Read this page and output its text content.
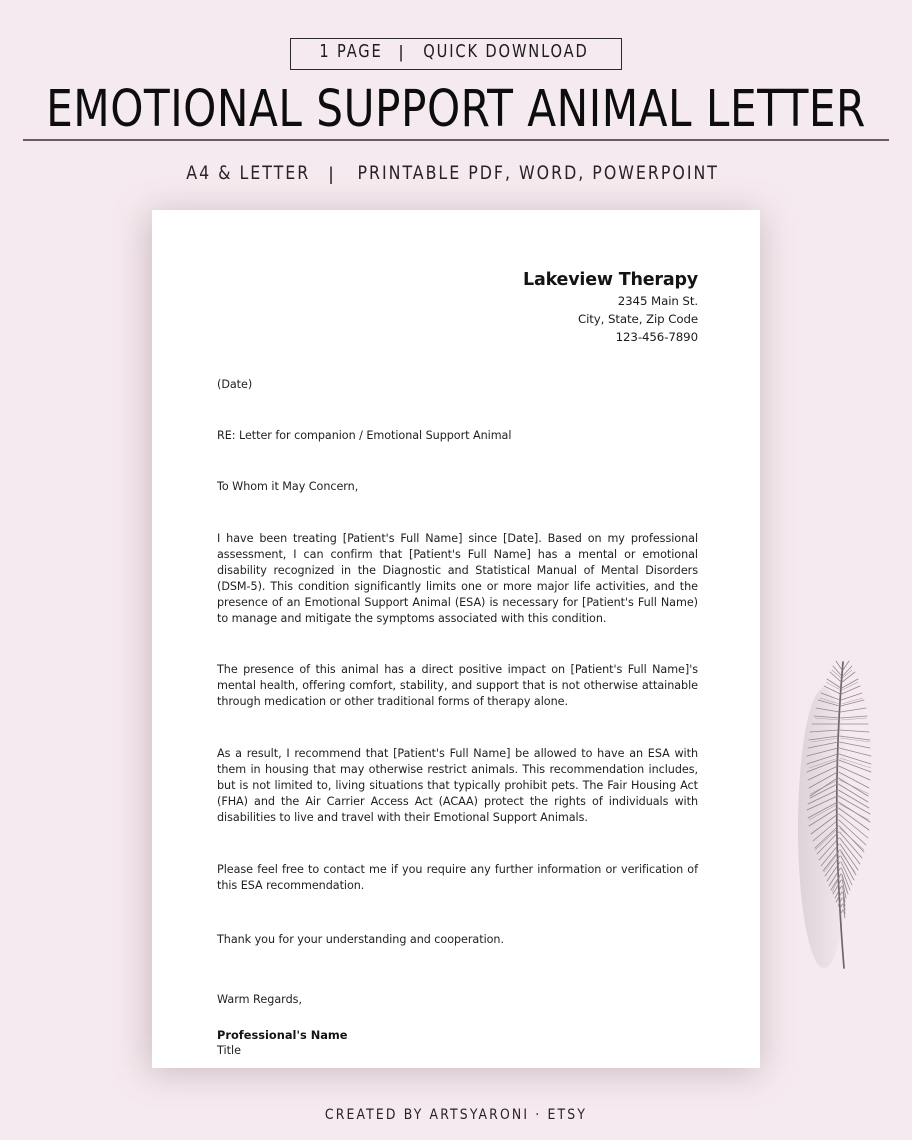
1 PAGE | QUICK DOWNLOAD
EMOTIONAL SUPPORT ANIMAL LETTER
A4 & LETTER | PRINTABLE PDF, WORD, POWERPOINT
Lakeview Therapy
2345 Main St.
City, State, Zip Code
123-456-7890
(Date)
RE: Letter for companion / Emotional Support Animal
To Whom it May Concern,
I have been treating [Patient's Full Name] since [Date]. Based on my professional assessment, I can confirm that [Patient's Full Name] has a mental or emotional disability recognized in the Diagnostic and Statistical Manual of Mental Disorders (DSM-5). This condition significantly limits one or more major life activities, and the presence of an Emotional Support Animal (ESA) is necessary for [Patient's Full Name) to manage and mitigate the symptoms associated with this condition.
The presence of this animal has a direct positive impact on [Patient's Full Name]'s mental health, offering comfort, stability, and support that is not otherwise attainable through medication or other traditional forms of therapy alone.
As a result, I recommend that [Patient's Full Name] be allowed to have an ESA with them in housing that may otherwise restrict animals. This recommendation includes, but is not limited to, living situations that typically prohibit pets. The Fair Housing Act (FHA) and the Air Carrier Access Act (ACAA) protect the rights of individuals with disabilities to live and travel with their Emotional Support Animals.
Please feel free to contact me if you require any further information or verification of this ESA recommendation.
Thank you for your understanding and cooperation.
Warm Regards,
Professional's Name
Title
CREATED BY ARTSYARONI · ETSY
